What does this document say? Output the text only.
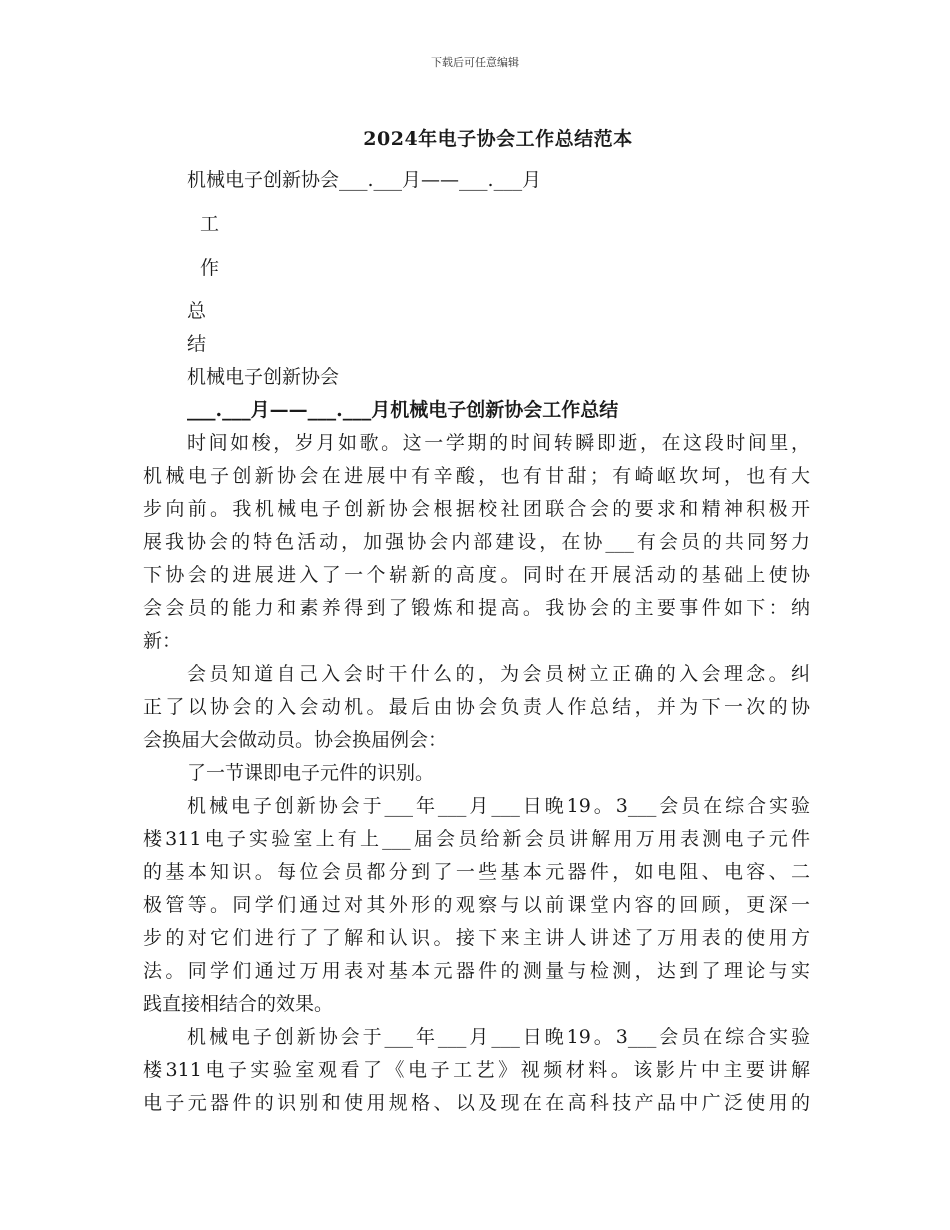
下载后可任意编辑
2024年电子协会工作总结范本
机械电子创新协会___.___月——___.___月
工
作
总
结
机械电子创新协会
___.___月——___.___月机械电子创新协会工作总结
时间如梭，岁月如歌。这一学期的时间转瞬即逝，在这段时间里，
机械电子创新协会在进展中有辛酸，也有甘甜；有崎岖坎坷，也有大
步向前。我机械电子创新协会根据校社团联合会的要求和精神积极开
展我协会的特色活动，加强协会内部建设，在协___有会员的共同努力
下协会的进展进入了一个崭新的高度。同时在开展活动的基础上使协
会会员的能力和素养得到了锻炼和提高。我协会的主要事件如下：纳
新：
会员知道自己入会时干什么的，为会员树立正确的入会理念。纠
正了以协会的入会动机。最后由协会负责人作总结，并为下一次的协
会换届大会做动员。协会换届例会：
了一节课即电子元件的识别。
机械电子创新协会于___年___月___日晚19。3___会员在综合实验
楼311电子实验室上有上___届会员给新会员讲解用万用表测电子元件
的基本知识。每位会员都分到了一些基本元器件，如电阻、电容、二
极管等。同学们通过对其外形的观察与以前课堂内容的回顾，更深一
步的对它们进行了了解和认识。接下来主讲人讲述了万用表的使用方
法。同学们通过万用表对基本元器件的测量与检测，达到了理论与实
践直接相结合的效果。
机械电子创新协会于___年___月___日晚19。3___会员在综合实验
楼311电子实验室观看了《电子工艺》视频材料。该影片中主要讲解
电子元器件的识别和使用规格、以及现在在高科技产品中广泛使用的
